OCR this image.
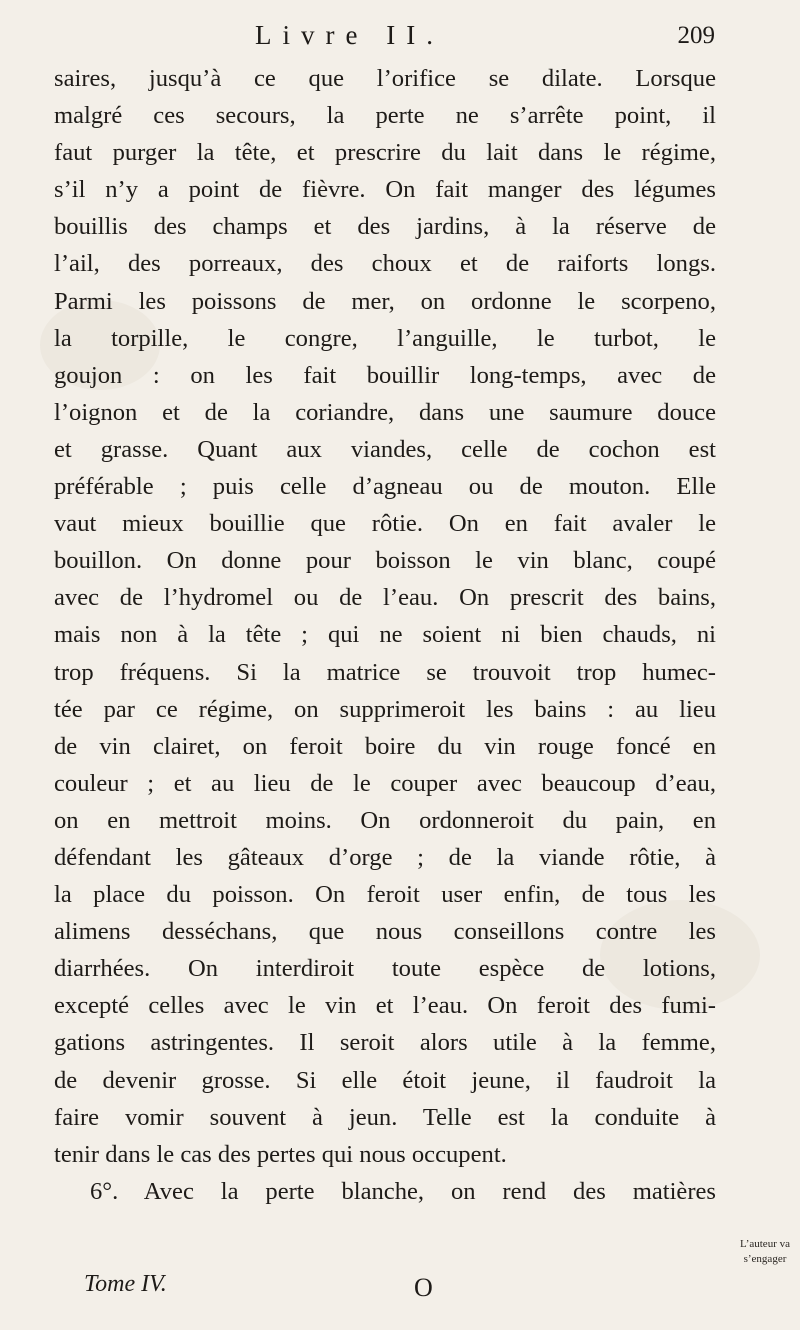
Livre II.	209
saires, jusqu’à ce que l’orifice se dilate. Lorsque
malgré ces secours, la perte ne s’arrête point, il
faut purger la tête, et prescrire du lait dans le régime,
s’il n’y a point de fièvre. On fait manger des légumes
bouillis des champs et des jardins, à la réserve de
l’ail, des porreaux, des choux et de raiforts longs.
Parmi les poissons de mer, on ordonne le scorpeno,
la torpille, le congre, l’anguille, le turbot, le
goujon : on les fait bouillir long-temps, avec de
l’oignon et de la coriandre, dans une saumure douce
et grasse. Quant aux viandes, celle de cochon est
préférable ; puis celle d’agneau ou de mouton. Elle
vaut mieux bouillie que rôtie. On en fait avaler le
bouillon. On donne pour boisson le vin blanc, coupé
avec de l’hydromel ou de l’eau. On prescrit des bains,
mais non à la tête ; qui ne soient ni bien chauds, ni
trop fréquens. Si la matrice se trouvoit trop humec-
tée par ce régime, on supprimeroit les bains : au lieu
de vin clairet, on feroit boire du vin rouge foncé en
couleur ; et au lieu de le couper avec beaucoup d’eau,
on en mettroit moins. On ordonneroit du pain, en
défendant les gâteaux d’orge ; de la viande rôtie, à
la place du poisson. On feroit user enfin, de tous les
alimens desséchans, que nous conseillons contre les
diarrhées. On interdiroit toute espèce de lotions,
excepté celles avec le vin et l’eau. On feroit des fumi-
gations astringentes. Il seroit alors utile à la femme,
de devenir grosse. Si elle étoit jeune, il faudroit la
faire vomir souvent à jeun. Telle est la conduite à
tenir dans le cas des pertes qui nous occupent.
6°. Avec la perte blanche, on rend des matières
Tome IV.	O
L’auteur va
s’engager
